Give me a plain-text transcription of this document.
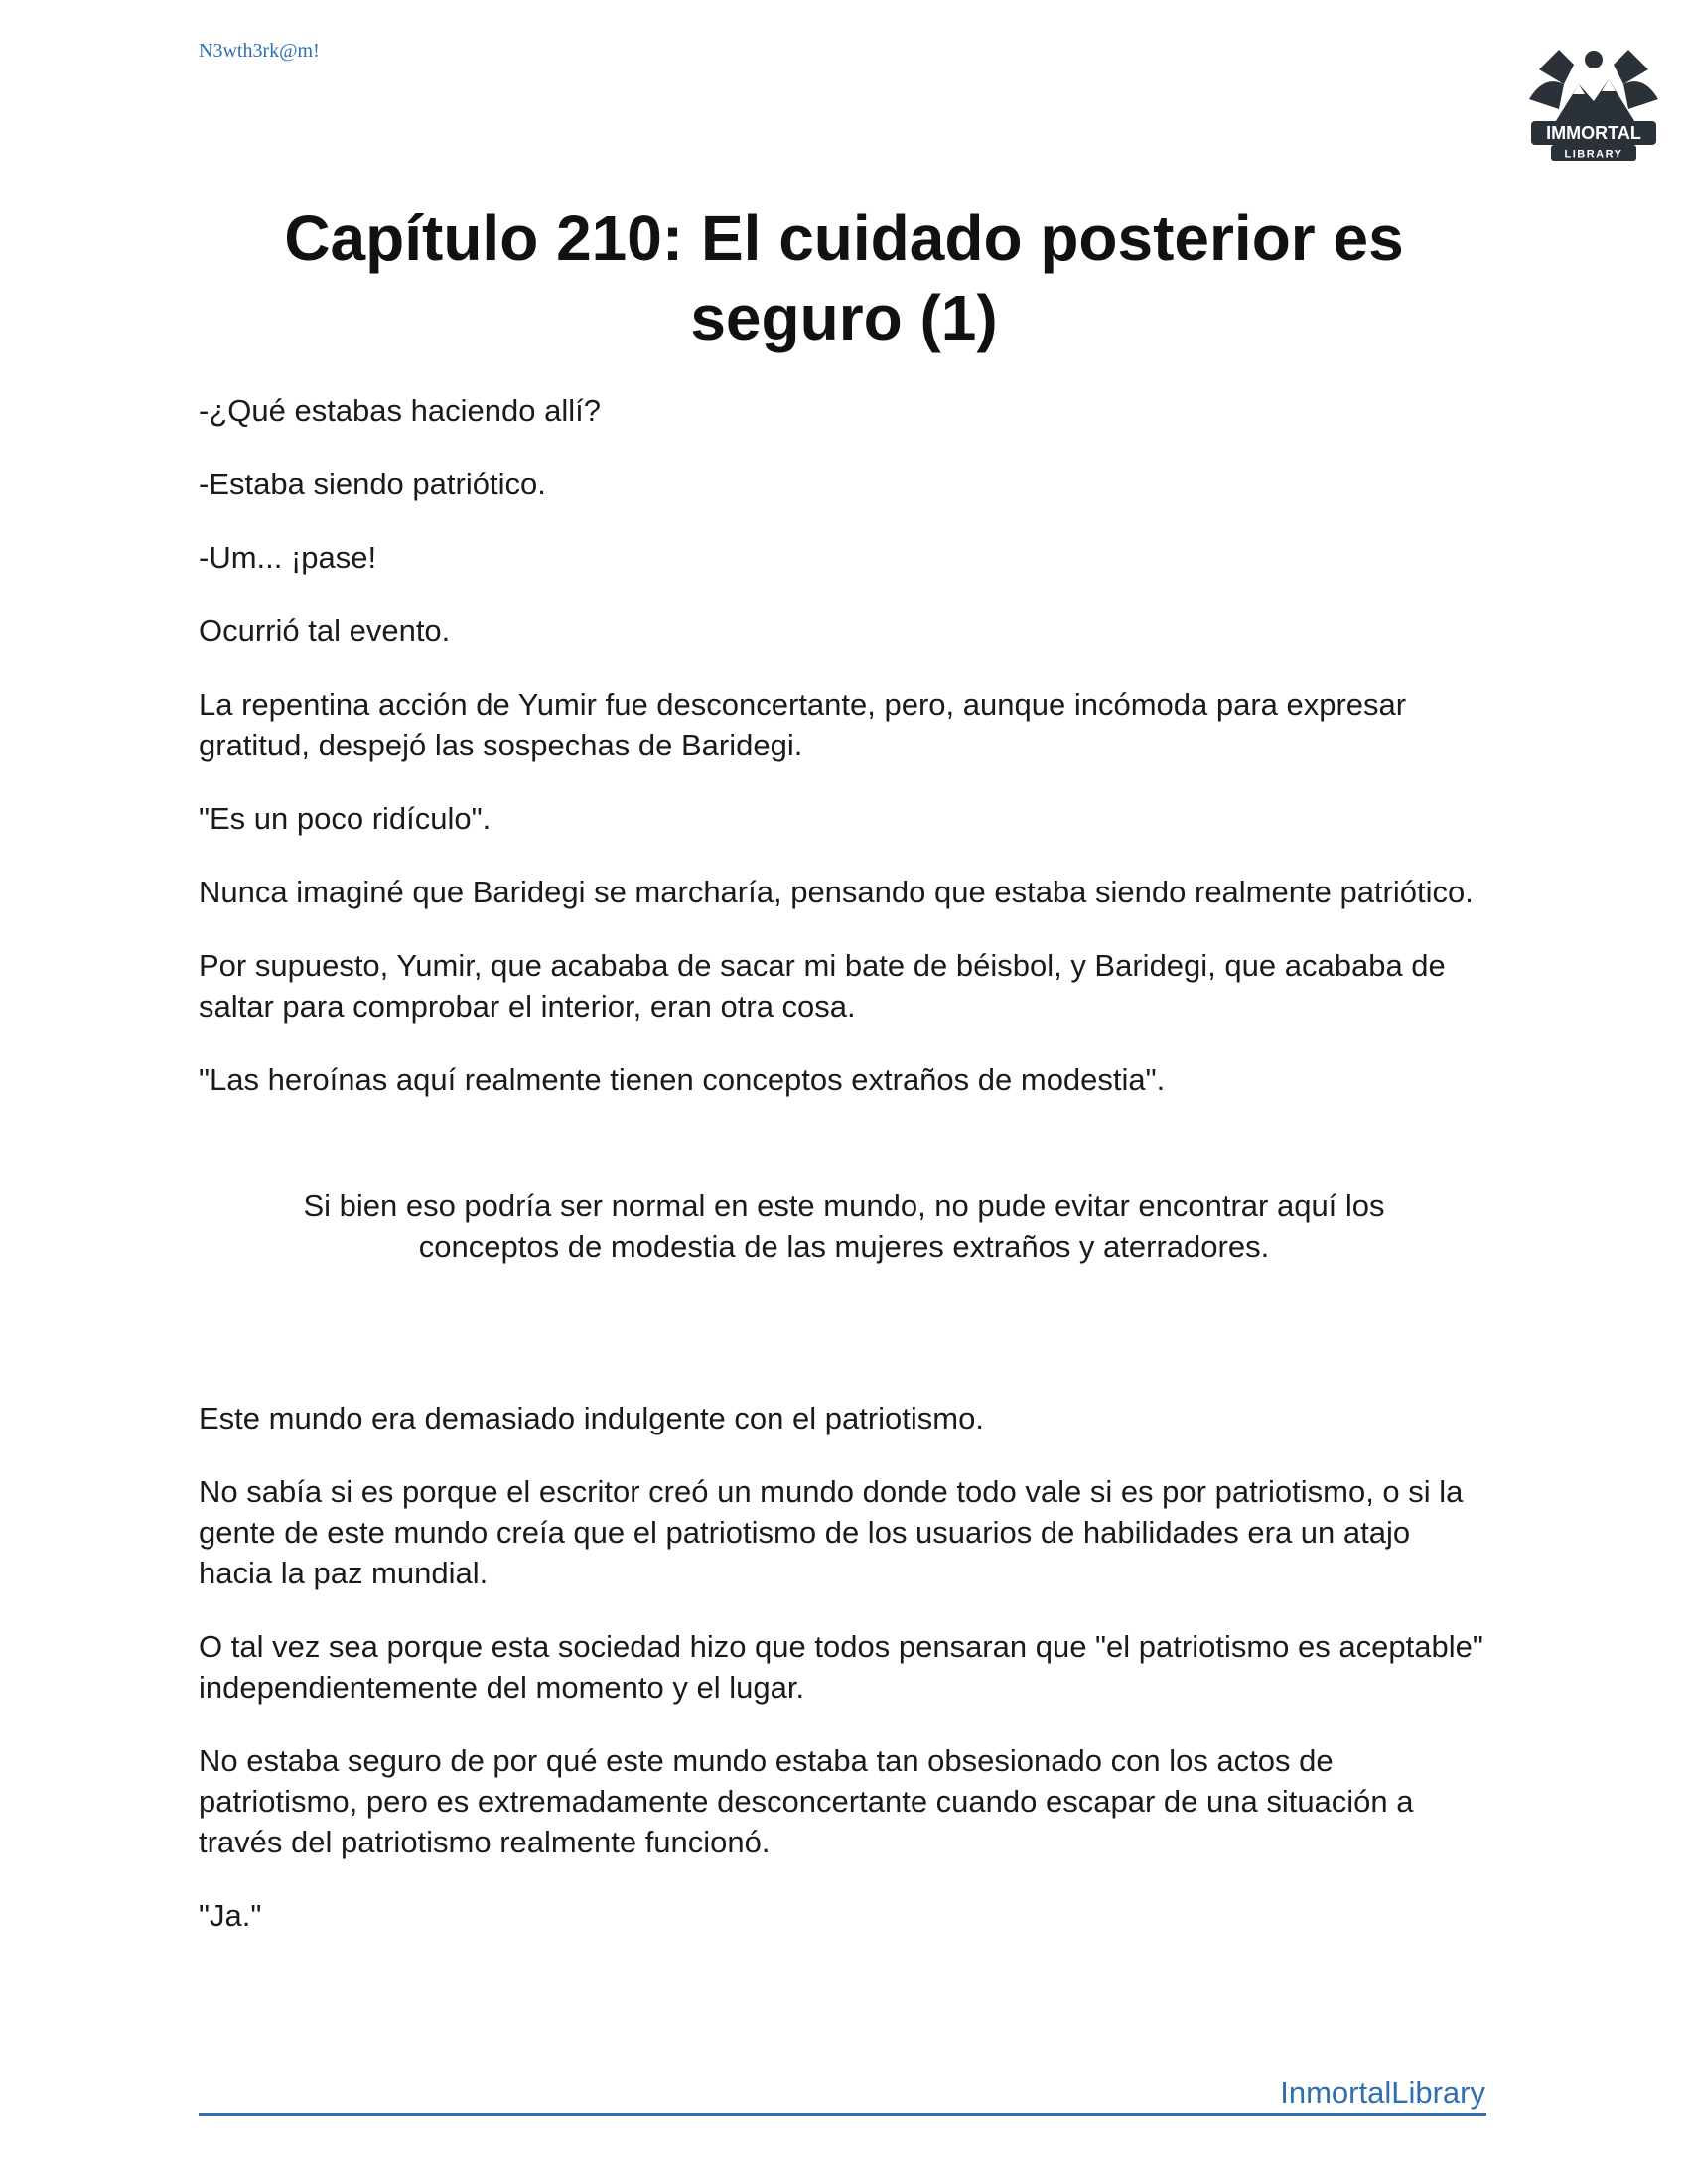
N3wth3rk@m!
IMMORTAL
LIBRARY
Capítulo 210: El cuidado posterior es seguro (1)

-¿Qué estabas haciendo allí?

-Estaba siendo patriótico.

-Um... ¡pase!

Ocurrió tal evento.

La repentina acción de Yumir fue desconcertante, pero, aunque incómoda para expresar gratitud, despejó las sospechas de Baridegi.

"Es un poco ridículo".

Nunca imaginé que Baridegi se marcharía, pensando que estaba siendo realmente patriótico.

Por supuesto, Yumir, que acababa de sacar mi bate de béisbol, y Baridegi, que acababa de saltar para comprobar el interior, eran otra cosa.

"Las heroínas aquí realmente tienen conceptos extraños de modestia".

Si bien eso podría ser normal en este mundo, no pude evitar encontrar aquí los conceptos de modestia de las mujeres extraños y aterradores.

Este mundo era demasiado indulgente con el patriotismo.

No sabía si es porque el escritor creó un mundo donde todo vale si es por patriotismo, o si la gente de este mundo creía que el patriotismo de los usuarios de habilidades era un atajo hacia la paz mundial.

O tal vez sea porque esta sociedad hizo que todos pensaran que "el patriotismo es aceptable" independientemente del momento y el lugar.

No estaba seguro de por qué este mundo estaba tan obsesionado con los actos de patriotismo, pero es extremadamente desconcertante cuando escapar de una situación a través del patriotismo realmente funcionó.

"Ja."

InmortalLibrary
